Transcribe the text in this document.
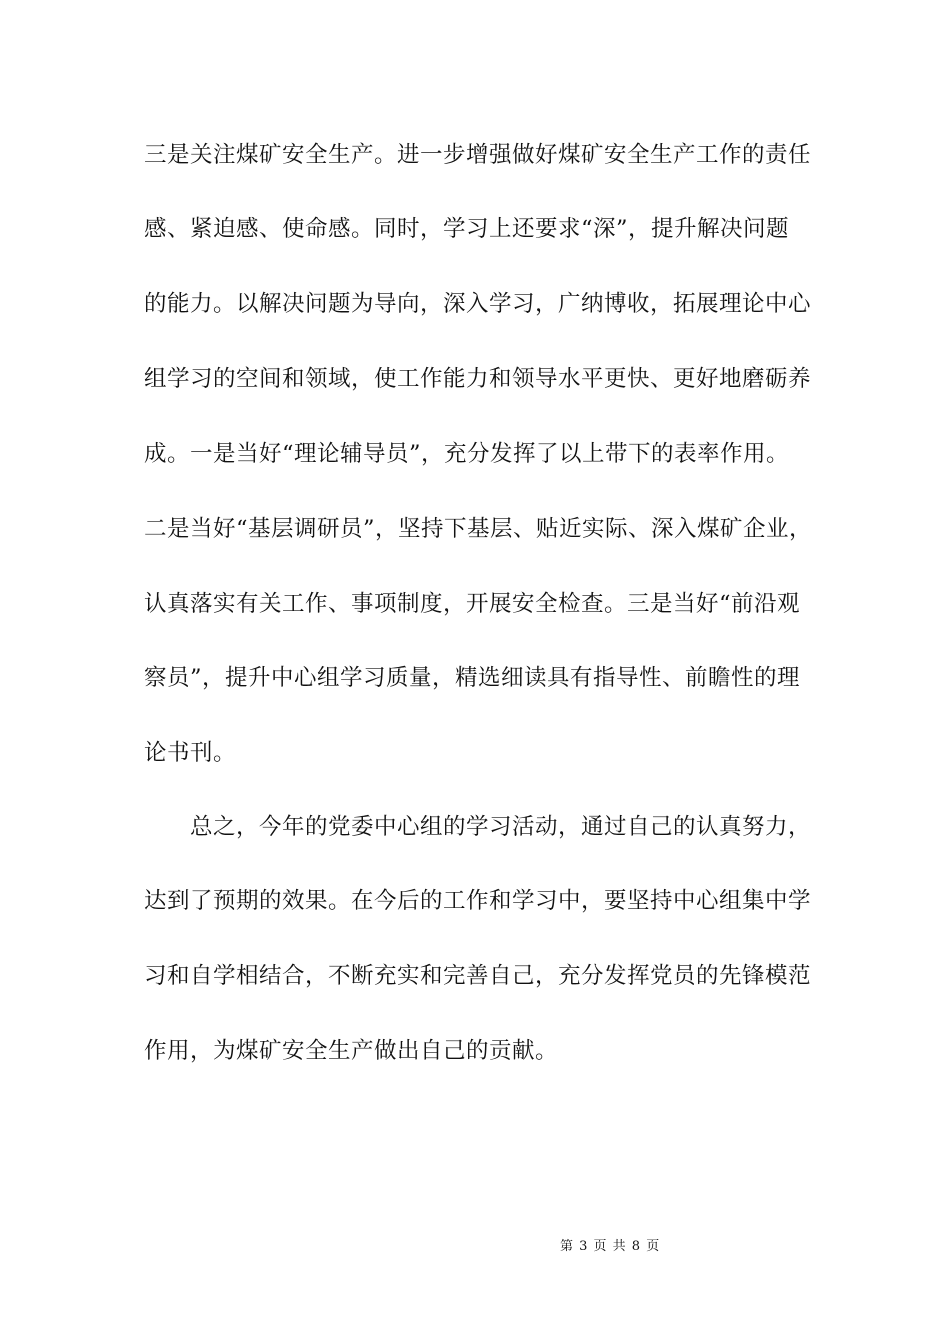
三是关注煤矿安全生产。进一步增强做好煤矿安全生产工作的责任
感、紧迫感、使命感。同时，学习上还要求“深”，提升解决问题
的能力。以解决问题为导向，深入学习，广纳博收，拓展理论中心
组学习的空间和领域，使工作能力和领导水平更快、更好地磨砺养
成。一是当好“理论辅导员”，充分发挥了以上带下的表率作用。
二是当好“基层调研员”，坚持下基层、贴近实际、深入煤矿企业，
认真落实有关工作、事项制度，开展安全检查。三是当好“前沿观
察员”，提升中心组学习质量，精选细读具有指导性、前瞻性的理
论书刊。
　　总之，今年的党委中心组的学习活动，通过自己的认真努力，
达到了预期的效果。在今后的工作和学习中，要坚持中心组集中学
习和自学相结合，不断充实和完善自己，充分发挥党员的先锋模范
作用，为煤矿安全生产做出自己的贡献。
第 3 页 共 8 页
